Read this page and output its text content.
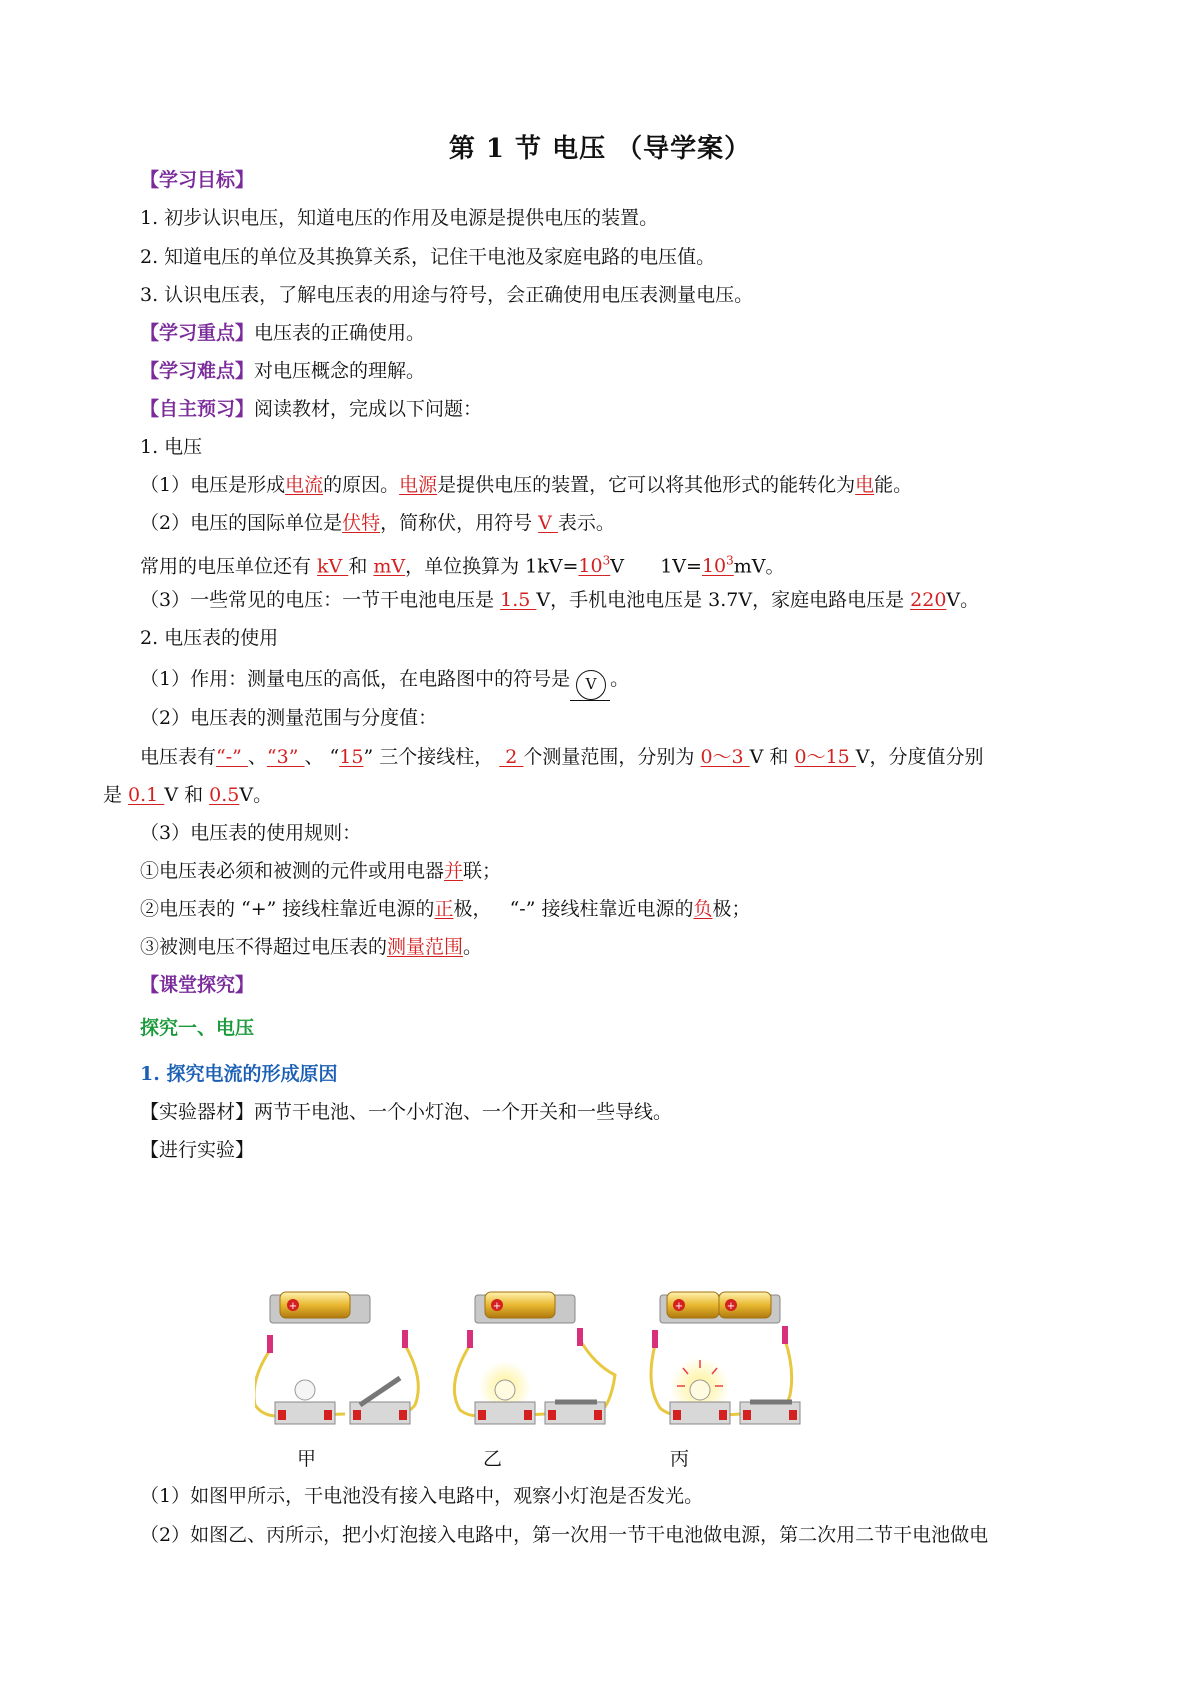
第 1 节 电压 （导学案）
【学习目标】
1. 初步认识电压，知道电压的作用及电源是提供电压的装置。
2. 知道电压的单位及其换算关系，记住干电池及家庭电路的电压值。
3. 认识电压表，了解电压表的用途与符号，会正确使用电压表测量电压。
【学习重点】电压表的正确使用。
【学习难点】对电压概念的理解。
【自主预习】阅读教材，完成以下问题：
1. 电压
（1）电压是形成电流的原因。电源是提供电压的装置，它可以将其他形式的能转化为电能。
（2）电压的国际单位是伏特，简称伏，用符号 V 表示。
常用的电压单位还有 kV 和 mV，单位换算为 $1kV=10^3V$      $1V=10^3mV$。
（3）一些常见的电压：一节干电池电压是 1.5 V，手机电池电压是 3.7V，家庭电路电压是 220V。
2. 电压表的使用
（1）作用：测量电压的高低，在电路图中的符号是 V 。
（2）电压表的测量范围与分度值：
电压表有“-” 、“3” 、 “15” 三个接线柱，  2 个测量范围，分别为 0～3 V 和 0～15 V，分度值分别
是 0.1 V 和 0.5V。
（3）电压表的使用规则：
①电压表必须和被测的元件或用电器并联；
②电压表的 “+” 接线柱靠近电源的正极，   “-” 接线柱靠近电源的负极；
③被测电压不得超过电压表的测量范围。
【课堂探究】
探究一、电压
1. 探究电流的形成原因
【实验器材】两节干电池、一个小灯泡、一个开关和一些导线。
【进行实验】
+	+	+	+
甲	乙	丙
（1）如图甲所示，干电池没有接入电路中，观察小灯泡是否发光。
（2）如图乙、丙所示，把小灯泡接入电路中，第一次用一节干电池做电源，第二次用二节干电池做电
